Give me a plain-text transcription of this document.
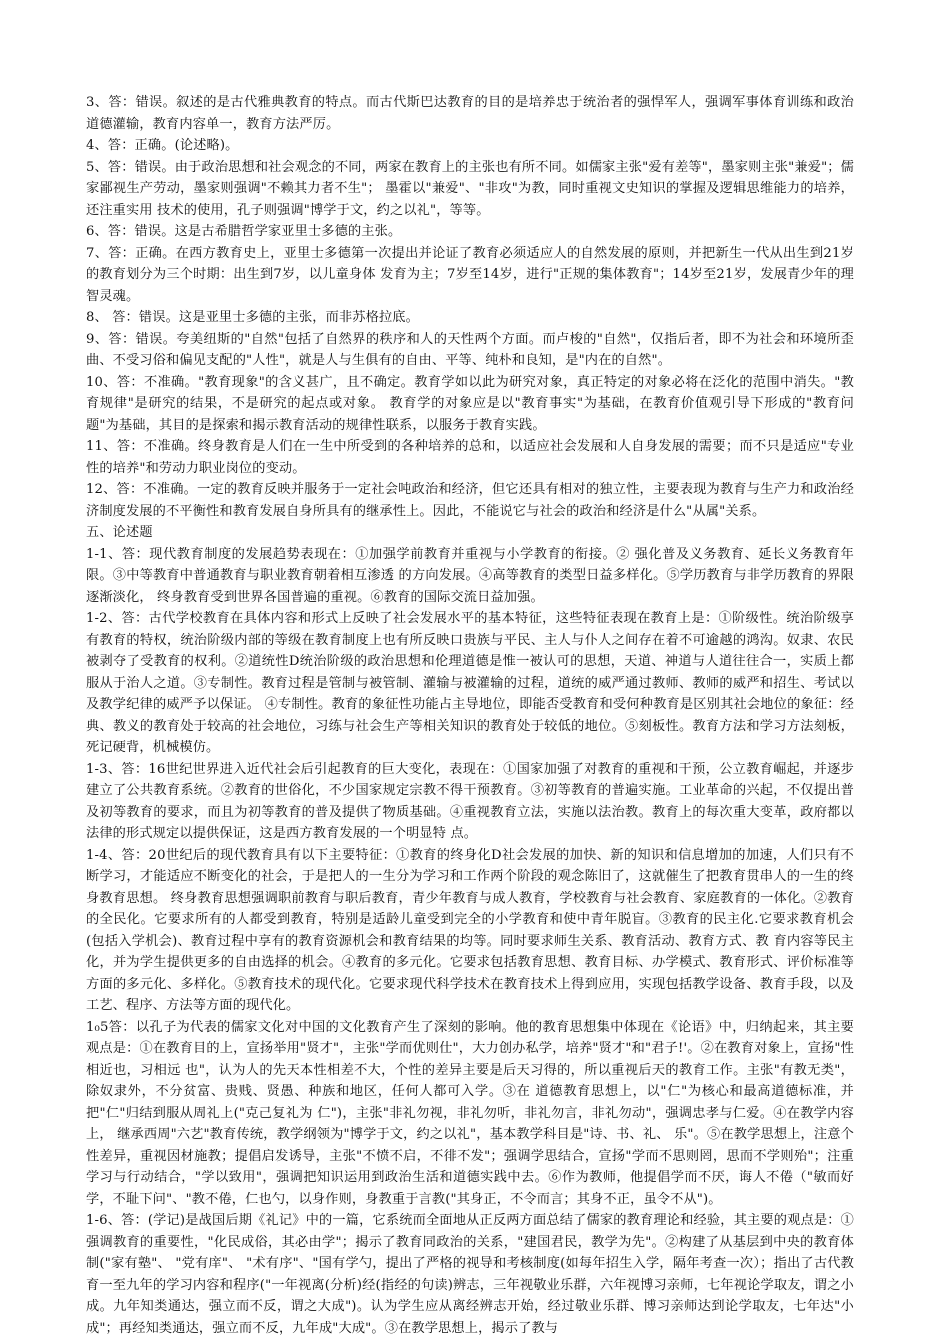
3、答：错误。叙述的是古代雅典教育的特点。而古代斯巴达教育的目的是培养忠于统治者的强悍军人，强调军事体育训练和政治道德灌输，教育内容单一，教育方法严厉。

4、答：正确。(论述略)。

5、答：错误。由于政治思想和社会观念的不同，两家在教育上的主张也有所不同。如儒家主张"爱有差等"，墨家则主张"兼爱"；儒家鄙视生产劳动，墨家则强调"不赖其力者不生"； 墨霍以"兼爱"、"非攻"为教，同时重视文史知识的掌握及逻辑思维能力的培养，还注重实用 技术的使用，孔子则强调"博学于文，约之以礼"，等等。

6、答：错误。这是古希腊哲学家亚里士多德的主张。

7、答：正确。在西方教育史上，亚里士多德第一次提出并论证了教育必须适应人的自然发展的原则，并把新生一代从出生到21岁的教育划分为三个时期：出生到7岁，以儿童身体 发育为主；7岁至14岁，进行"正规的集体教育"；14岁至21岁，发展青少年的理智灵魂。

8、 答：错误。这是亚里士多德的主张，而非苏格拉底。

9、答：错误。夸美纽斯的"自然"包括了自然界的秩序和人的天性两个方面。而卢梭的"自然"，仅指后者，即不为社会和环境所歪曲、不受习俗和偏见支配的"人性"，就是人与生俱有的自由、平等、纯朴和良知，是"内在的自然"。

10、答：不准确。"教育现象"的含义甚广，且不确定。教育学如以此为研究对象，真正特定的对象必将在泛化的范围中消失。"教育规律"是研究的结果，不是研究的起点或对象。 教育学的对象应是以"教育事实"为基础，在教育价值观引导下形成的"教育问题"为基础，其目的是探索和揭示教育活动的规律性联系，以服务于教育实践。

11、答：不准确。终身教育是人们在一生中所受到的各种培养的总和，以适应社会发展和人自身发展的需要；而不只是适应"专业性的培养"和劳动力职业岗位的变动。

12、答：不准确。一定的教育反映并服务于一定社会吨政治和经济，但它还具有相对的独立性，主要表现为教育与生产力和政治经济制度发展的不平衡性和教育发展自身所具有的继承性上。因此，不能说它与社会的政治和经济是什么"从属"关系。

五、论述题

1-1、答：现代教育制度的发展趋势表现在：①加强学前教育并重视与小学教育的衔接。② 强化普及义务教育、延长义务教育年限。③中等教育中普通教育与职业教育朝着相互渗透 的方向发展。④高等教育的类型日益多样化。⑤学历教育与非学历教育的界限逐渐淡化， 终身教育受到世界各国普遍的重视。⑥教育的国际交流日益加强。

1-2、答：古代学校教育在具体内容和形式上反映了社会发展水平的基本特征，这些特征表现在教育上是：①阶级性。统治阶级享有教育的特权，统治阶级内部的等级在教育制度上也有所反映口贵族与平民、主人与仆人之间存在着不可逾越的鸿沟。奴隶、农民被剥夺了受教育的权利。②道统性D统治阶级的政治思想和伦理道德是惟一被认可的思想，天道、神道与人道往往合一，实质上都服从于治人之道。③专制性。教育过程是管制与被管制、灌输与被灌输的过程，道统的威严通过教师、教师的威严和招生、考试以及教学纪律的威严予以保证。 ④专制性。教育的象征性功能占主导地位，即能否受教育和受何种教育是区别其社会地位的象征：经典、教义的教育处于较高的社会地位，习练与社会生产等相关知识的教育处于较低的地位。⑤刻板性。教育方法和学习方法刻板，死记硬背，机械模仿。

1-3、答：16世纪世界进入近代社会后引起教育的巨大变化，表现在：①国家加强了对教育的重视和干预，公立教育崛起，并逐步建立了公共教育系统。②教育的世俗化，不少国家规定宗教不得干预教育。③初等教育的普遍实施。工业革命的兴起，不仅提出普及初等教育的要求，而且为初等教育的普及提供了物质基础。④重视教育立法，实施以法治教。教育上的每次重大变革，政府都以法律的形式规定以提供保证，这是西方教育发展的一个明显特 点。

1-4、答：20世纪后的现代教育具有以下主要特征：①教育的终身化D社会发展的加快、新的知识和信息增加的加速，人们只有不断学习，才能适应不断变化的社会，于是把人的一生分为学习和工作两个阶段的观念陈旧了，这就催生了把教育贯串人的一生的终身教育思想。 终身教育思想强调职前教育与职后教育，青少年教育与成人教育，学校教育与社会教育、家庭教育的一体化。②教育的全民化。它要求所有的人都受到教育，特别是适龄儿童受到完全的小学教育和使中青年脱盲。③教育的民主化.它要求教育机会(包括入学机会)、教育过程中享有的教育资源机会和教育结果的均等。同时要求师生关系、教育活动、教育方式、教 育内容等民主化，并为学生提供更多的自由选择的机会。④教育的多元化。它要求包括教育思想、教育目标、办学模式、教育形式、评价标准等方面的多元化、多样化。⑤教育技术的现代化。它要求现代科学技术在教育技术上得到应用，实现包括教学设备、教育手段，以及 工艺、程序、方法等方面的现代化。

1₀5答：以孔子为代表的儒家文化对中国的文化教育产生了深刻的影响。他的教育思想集中体现在《论语》中，归纳起来，其主要观点是：①在教育目的上，宣扬举用"贤才"，主张"学而优则仕"，大力创办私学，培养"贤才"和"君子!'。②在教育对象上，宣扬"性相近也，习相远 也"，认为人的先天本性相差不大，个性的差异主要是后天习得的，所以重视后天的教育工作。主张"有教无类"，除奴隶外，不分贫富、贵贱、贤愚、种族和地区，任何人都可入学。③在 道德教育思想上，以"仁"为核心和最高道德标准，并把"仁"归结到服从周礼上("克己复礼为 仁")，主张"非礼勿视，非礼勿听，非礼勿言，非礼勿动"，强调忠孝与仁爱。④在教学内容上， 继承西周"六艺"教育传统，教学纲领为"博学于文，约之以礼"，基本教学科目是"诗、书、礼、 乐"。⑤在教学思想上，注意个性差异，重视因材施教；提倡启发诱导，主张"不愤不启，不徘不发"；强调学思结合，宣扬"学而不思则罔，思而不学则殆"；注重学习与行动结合，"学以致用"，强调把知识运用到政治生活和道德实践中去。⑥作为教师，他提倡学而不厌，诲人不倦（"敏而好学，不耻下问"、"教不倦，仁也勺，以身作则，身教重于言教("其身正，不令而言；其身不正，虽令不从")。

1-6、答：(学记)是战国后期《礼记》中的一篇，它系统而全面地从正反两方面总结了儒家的教育理论和经验，其主要的观点是：①强调教育的重要性，"化民成俗，其必由学"；揭示了教育同政治的关系，"建国君民，教学为先"。②构建了从基层到中央的教育体制("家有塾"、 "党有庠"、 "术有序"、"国有学勺，提出了严格的视导和考核制度(如每年招生入学，隔年考查一次）；指出了古代教育一至九年的学习内容和程序("一年视离(分析)经(指经的句读)辨志，三年视敬业乐群，六年视博习亲师，七年视论学取友，谓之小成。九年知类通达，强立而不反，谓之大成")。认为学生应从离经辨志开始，经过敬业乐群、博习亲师达到论学取友，七年达"小成"；再经知类通达，强立而不反，九年成"大成"。③在教学思想上，揭示了教与
